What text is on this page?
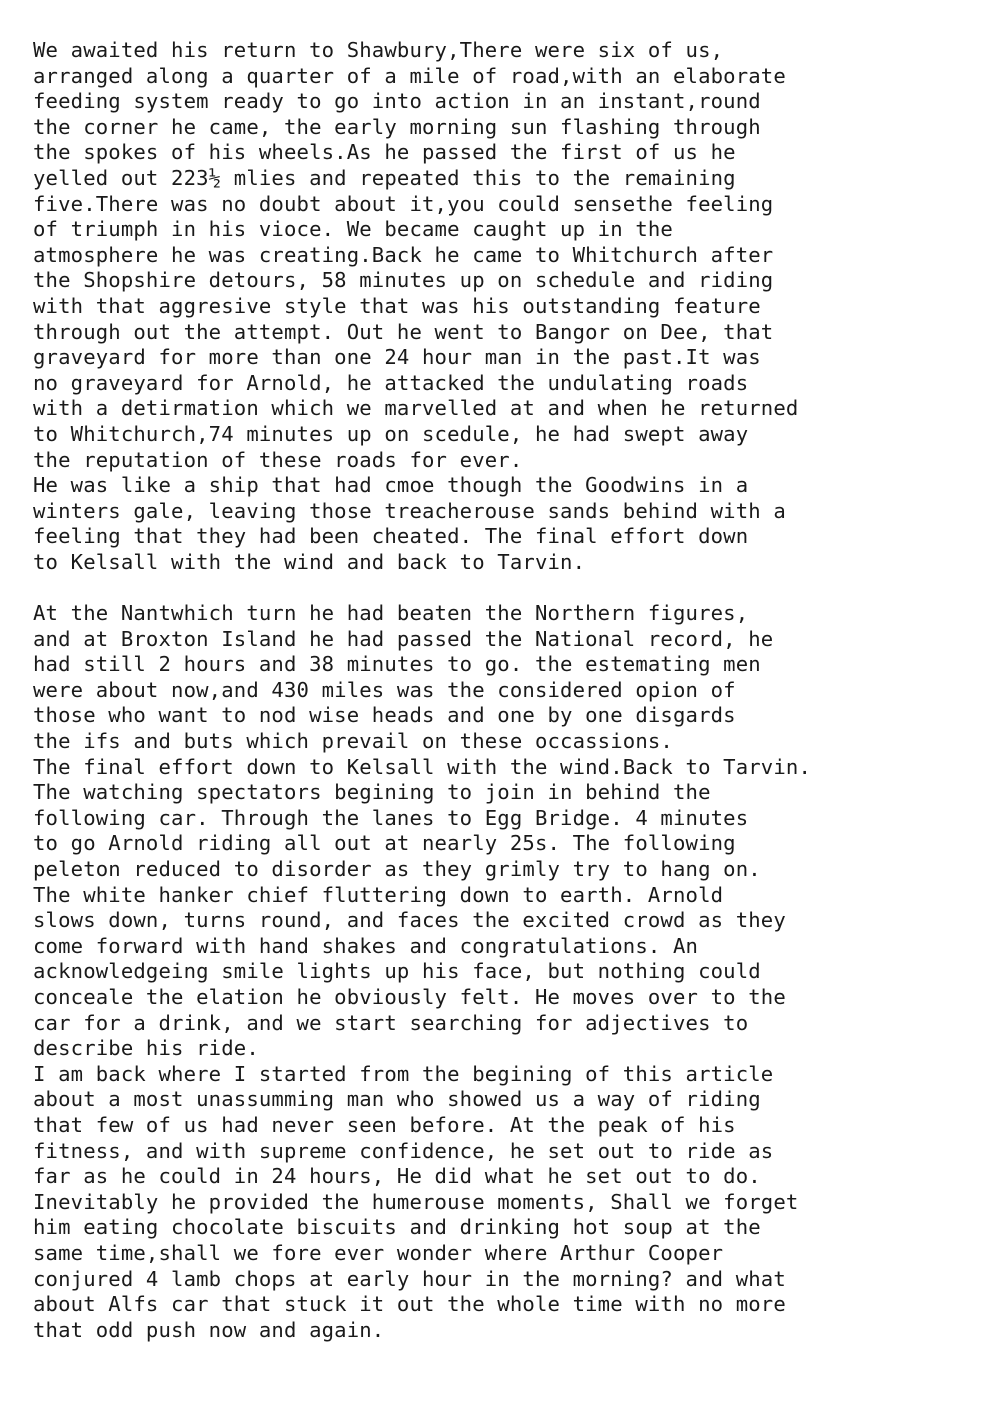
We awaited his return to Shawbury,There were six of us,
arranged along a quarter of a mile of road,with an elaborate
feeding system ready to go into action in an instant,round
the corner he came, the early morning sun flashing through
the spokes of his wheels.As he passed the first of us he
yelled out 223½ mlies and repeated this to the remaining
five.There was no doubt about it,you could sensethe feeling
of triumph in his vioce. We became caught up in the
atmosphere he was creating.Back he came to Whitchurch after
the Shopshire detours, 58 minutes up on schedule and riding
with that aggresive style that was his outstanding feature
through out the attempt. Out he went to Bangor on Dee, that
graveyard for more than one 24 hour man in the past.It was
no graveyard for Arnold, he attacked the undulating roads
with a detirmation which we marvelled at and when he returned
to Whitchurch,74 minutes up on scedule, he had swept away
the reputation of these roads for ever.
He was like a ship that had cmoe though the Goodwins in a
winters gale, leaving those treacherouse sands behind with a
feeling that they had been cheated. The final effort down
to Kelsall with the wind and back to Tarvin.
At the Nantwhich turn he had beaten the Northern figures,
and at Broxton Island he had passed the National record, he
had still 2 hours and 38 minutes to go. the estemating men
were about now,and 430 miles was the considered opion of
those who want to nod wise heads and one by one disgards
the ifs and buts which prevail on these occassions.
The final effort down to Kelsall with the wind.Back to Tarvin.
The watching spectators begining to join in behind the
following car. Through the lanes to Egg Bridge. 4 minutes
to go Arnold riding all out at nearly 25s. The following
peleton reduced to disorder as they grimly try to hang on.
The white hanker chief fluttering down to earth. Arnold
slows down, turns round, and faces the excited crowd as they
come forward with hand shakes and congratulations. An
acknowledgeing smile lights up his face, but nothing could
conceale the elation he obviously felt. He moves over to the
car for a drink, and we start searching for adjectives to
describe his ride.
I am back where I started from the begining of this article
about a most unassumming man who showed us a way of riding
that few of us had never seen before. At the peak of his
fitness, and with supreme confidence, he set out to ride as
far as he could in 24 hours, He did what he set out to do.
Inevitably he provided the humerouse moments, Shall we forget
him eating chocolate biscuits and drinking hot soup at the
same time,shall we fore ever wonder where Arthur Cooper
conjured 4 lamb chops at early hour in the morning? and what
about Alfs car that stuck it out the whole time with no more
that odd push now and again.
